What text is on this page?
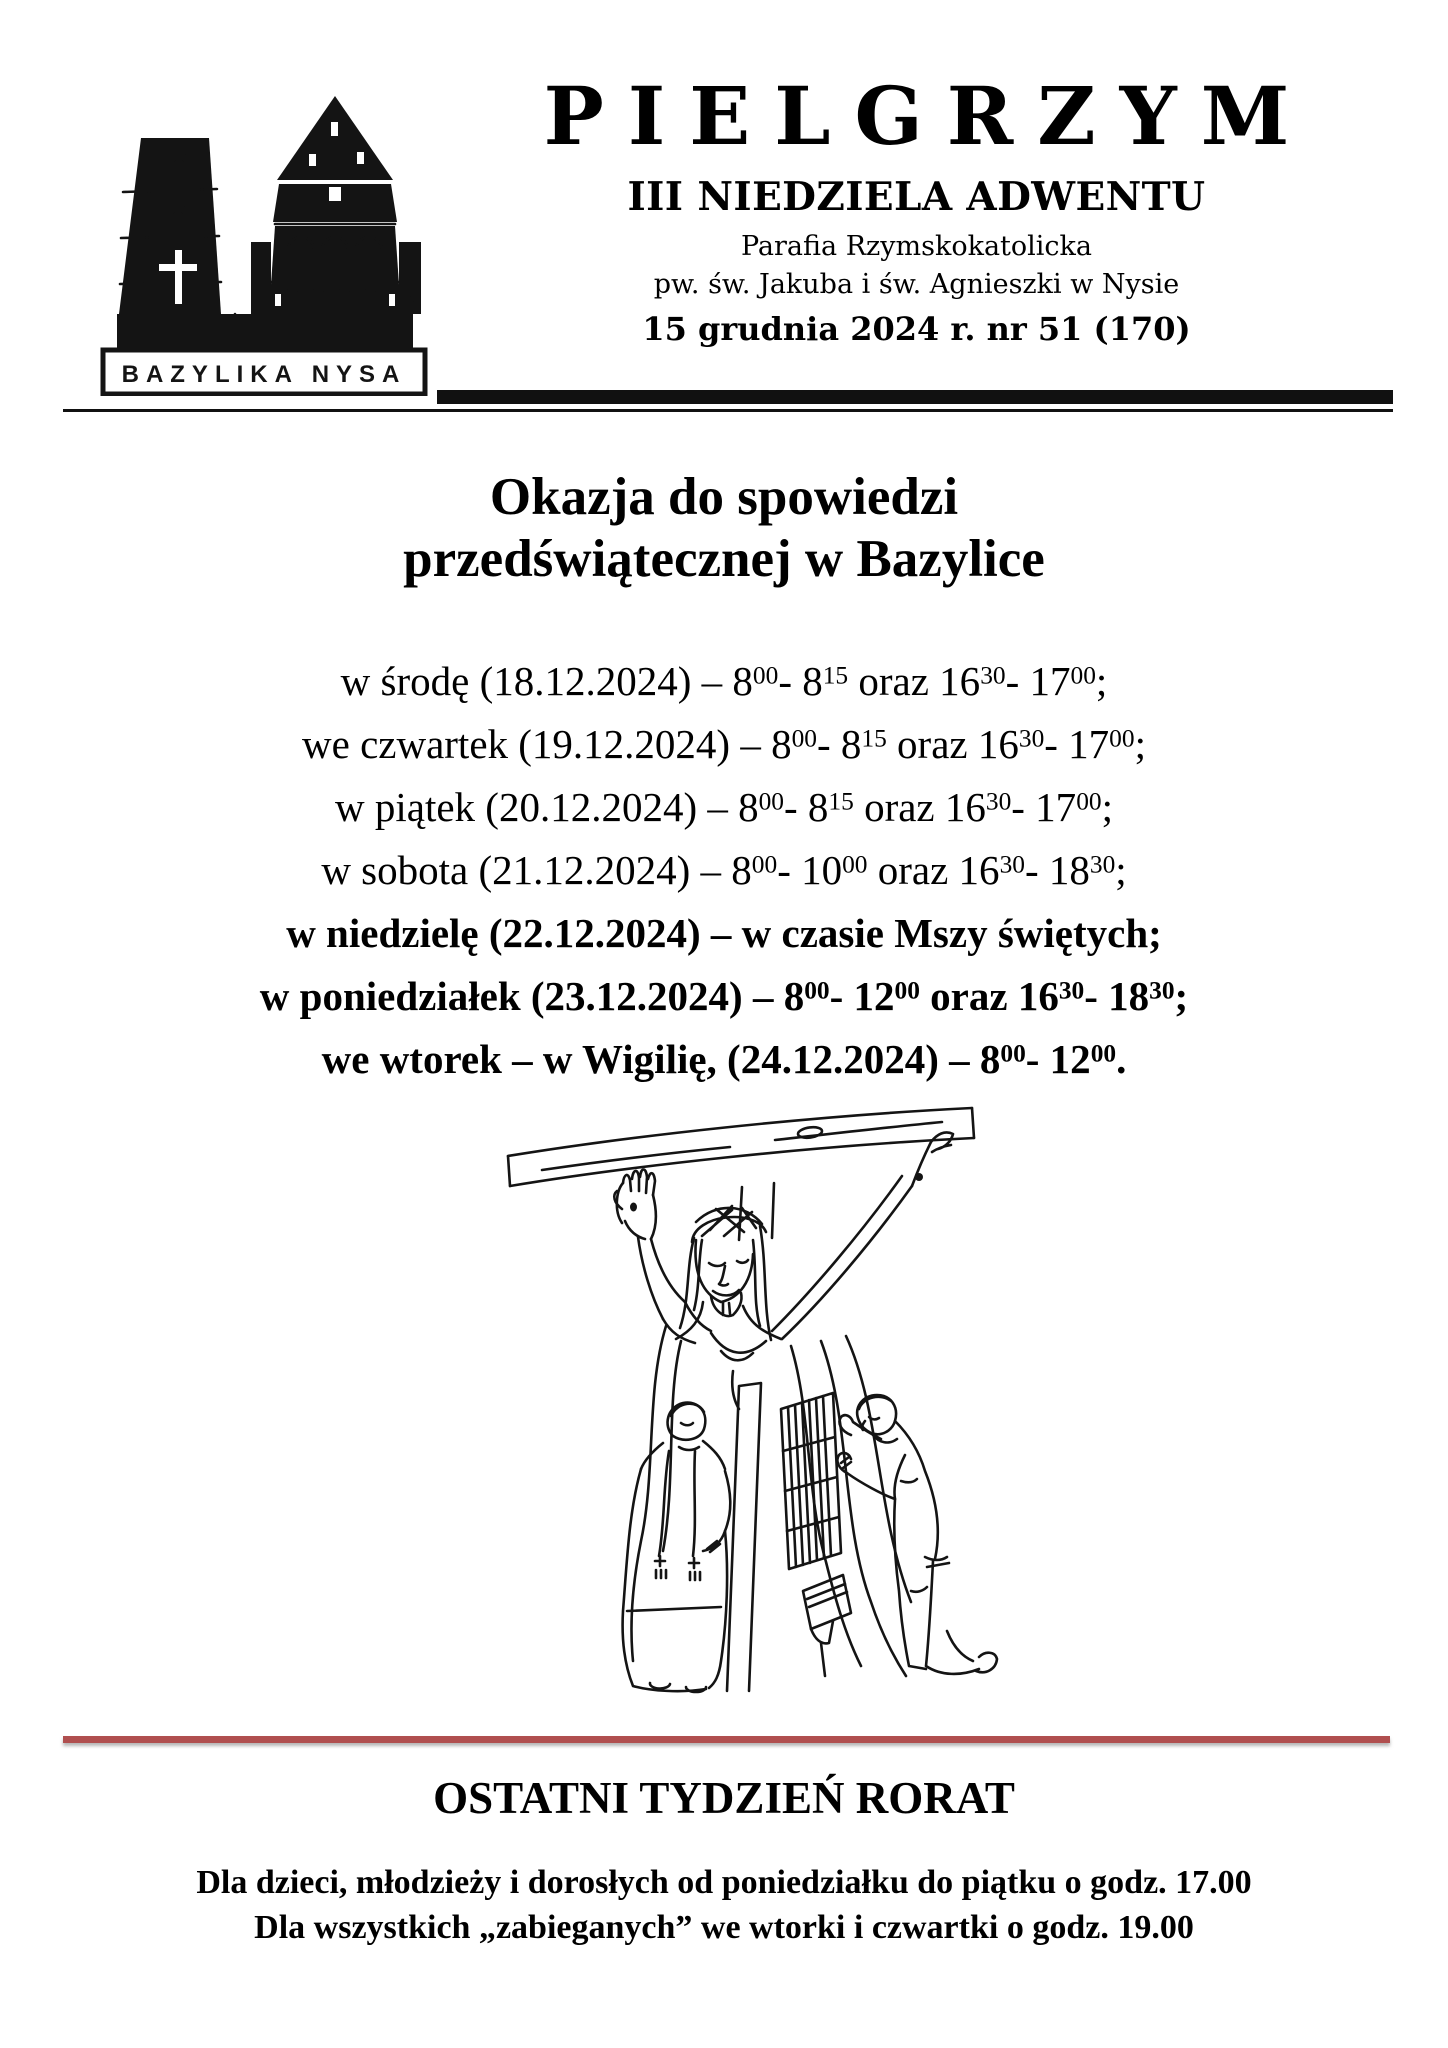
BAZYLIKA NYSA
PIELGRZYM
III NIEDZIELA ADWENTU
Parafia Rzymskokatolicka
pw. św. Jakuba i św. Agnieszki w Nysie
15 grudnia 2024 r. nr 51 (170)
Okazja do spowiedzi
przedświątecznej w Bazylice
w środę $(18.12.2024) - 8^{00}-$ $8^{15}$ oraz $16^{30}-$ $17^{00}$;
we czwartek $(19.12.2024) - 8^{00}-$ $8^{15}$ oraz $16^{30}-$ $17^{00}$;
w piątek $(20.12.2024) - 8^{00}-$ $8^{15}$ oraz $16^{30}-$ $17^{00}$;
w sobota $(21.12.2024) - 8^{00}-$ $10^{00}$ oraz $16^{30}-$ $18^{30}$;
w niedzielę (22.12.2024) – w czasie Mszy świętych;
w poniedziałek $(23.12.2024) - 8^{00}-$ $12^{00}$ oraz $16^{30}-$ $18^{30}$;
we wtorek – w Wigilię, $(24.12.2024) - 8^{00}-$ $12^{00}$.
OSTATNI TYDZIEŃ RORAT
Dla dzieci, młodzieży i dorosłych od poniedziałku do piątku o godz. 17.00
Dla wszystkich „zabieganych” we wtorki i czwartki o godz. 19.00
